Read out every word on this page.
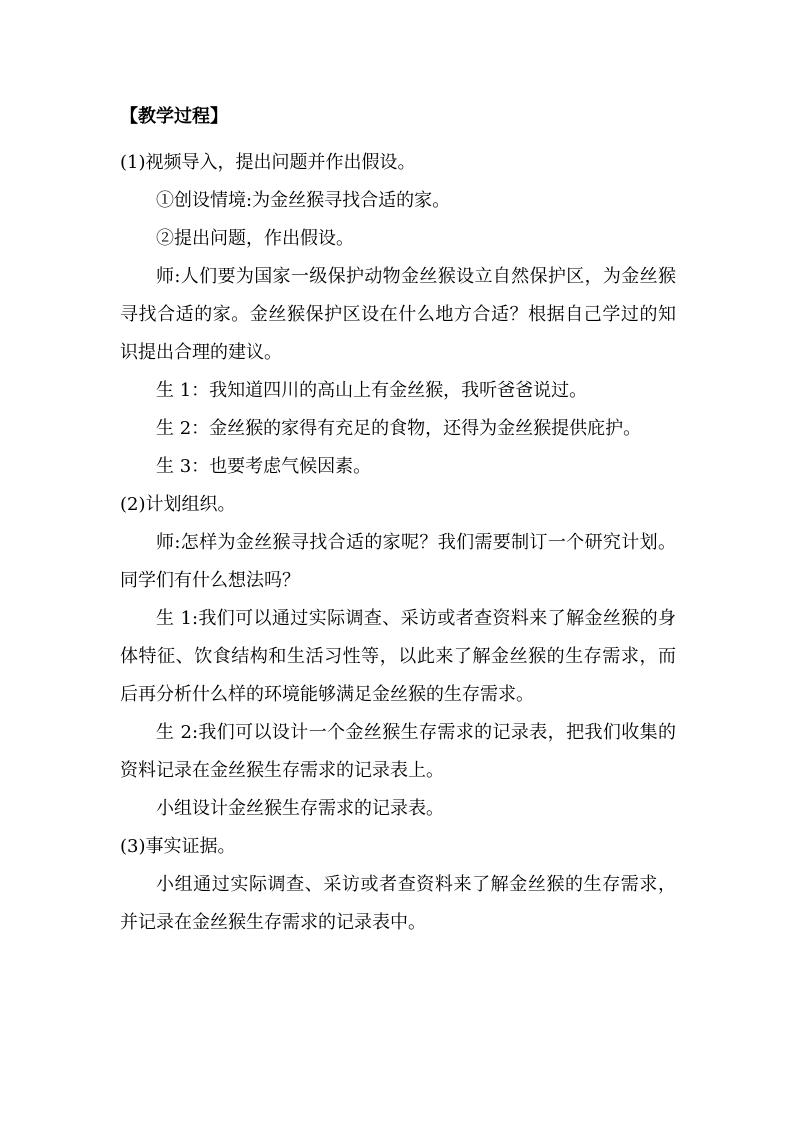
【教学过程】

(1)视频导入，提出问题并作出假设。

①创设情境:为金丝猴寻找合适的家。

②提出问题，作出假设。

师:人们要为国家一级保护动物金丝猴设立自然保护区，为金丝猴寻找合适的家。金丝猴保护区设在什么地方合适？根据自己学过的知识提出合理的建议。

生 1：我知道四川的高山上有金丝猴，我听爸爸说过。

生 2：金丝猴的家得有充足的食物，还得为金丝猴提供庇护。

生 3：也要考虑气候因素。

(2)计划组织。

师:怎样为金丝猴寻找合适的家呢？我们需要制订一个研究计划。同学们有什么想法吗？

生 1:我们可以通过实际调查、采访或者查资料来了解金丝猴的身体特征、饮食结构和生活习性等，以此来了解金丝猴的生存需求，而后再分析什么样的环境能够满足金丝猴的生存需求。

生 2:我们可以设计一个金丝猴生存需求的记录表，把我们收集的资料记录在金丝猴生存需求的记录表上。

小组设计金丝猴生存需求的记录表。

(3)事实证据。

小组通过实际调查、采访或者查资料来了解金丝猴的生存需求，并记录在金丝猴生存需求的记录表中。
